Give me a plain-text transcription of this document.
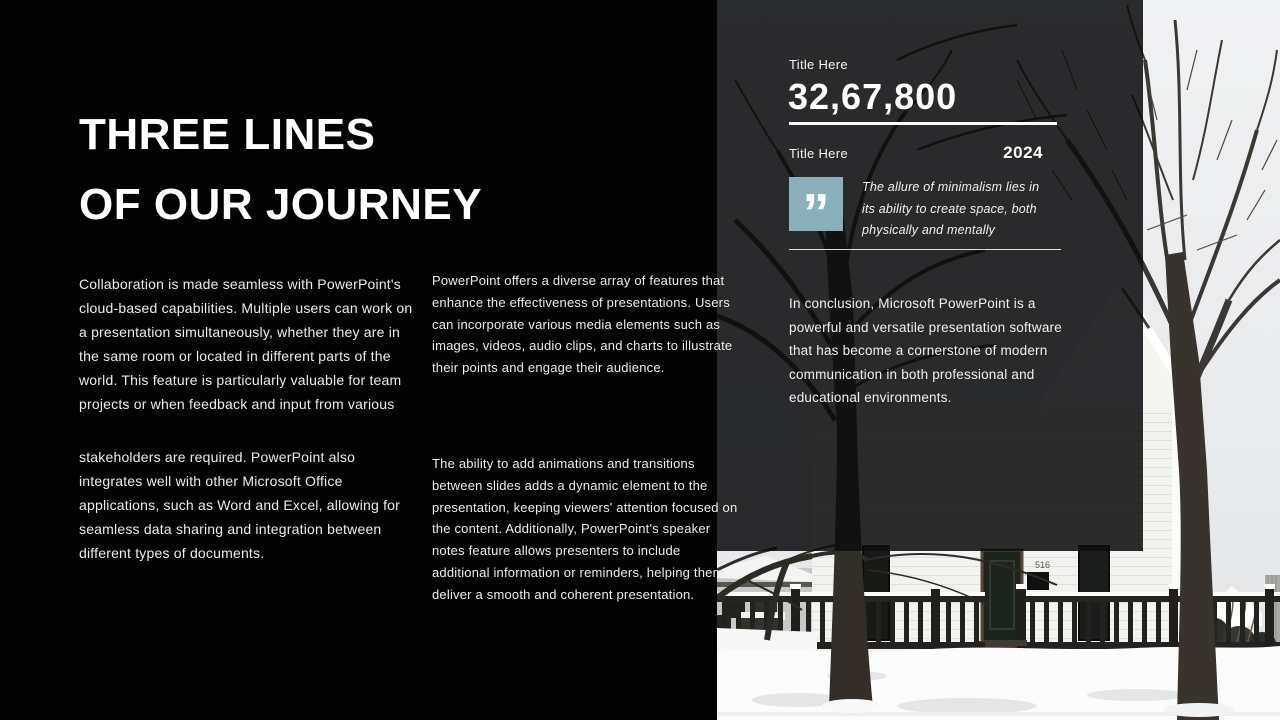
516
Title Here
32,67,800
Title Here	2024
”	The allure of minimalism lies in its ability to create space, both physically and mentally

In conclusion, Microsoft PowerPoint is a powerful and versatile presentation software that has become a cornerstone of modern communication in both professional and educational environments.

THREE LINES
OF OUR JOURNEY

Collaboration is made seamless with PowerPoint's cloud-based capabilities. Multiple users can work on a presentation simultaneously, whether they are in the same room or located in different parts of the world. This feature is particularly valuable for team projects or when feedback and input from various

stakeholders are required. PowerPoint also integrates well with other Microsoft Office applications, such as Word and Excel, allowing for seamless data sharing and integration between different types of documents.

PowerPoint offers a diverse array of features that enhance the effectiveness of presentations. Users can incorporate various media elements such as images, videos, audio clips, and charts to illustrate their points and engage their audience.

The ability to add animations and transitions between slides adds a dynamic element to the presentation, keeping viewers' attention focused on the content. Additionally, PowerPoint's speaker notes feature allows presenters to include additional information or reminders, helping them deliver a smooth and coherent presentation.
